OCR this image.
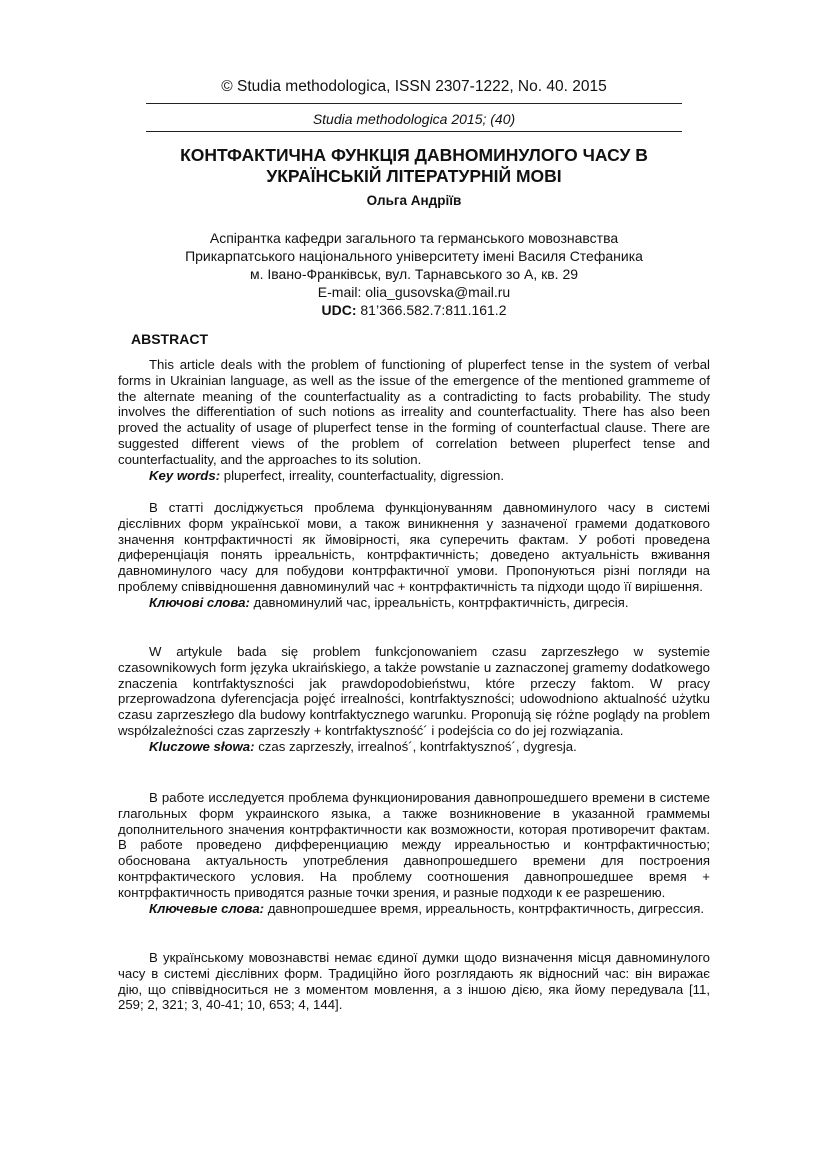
© Studia methodologica, ISSN 2307-1222, No. 40. 2015
Studia methodologica 2015; (40)
КОНТФАКТИЧНА ФУНКЦІЯ ДАВНОМИНУЛОГО ЧАСУ В
УКРАЇНСЬКІЙ ЛІТЕРАТУРНІЙ МОВІ
Ольга Андріїв
Аспірантка кафедри загального та германського мовознавства
Прикарпатського національного університету імені Василя Стефаника
м. Івано-Франківськ, вул. Тарнавського зо А, кв. 29
E-mail: olia_gusovska@mail.ru
UDC: 81’366.582.7:811.161.2
ABSTRACT

This article deals with the problem of functioning of pluperfect tense in the system of verbal forms in Ukrainian language, as well as the issue of the emergence of the mentioned grammeme of the alternate meaning of the counterfactuality as a contradicting to facts probability. The study involves the differentiation of such notions as irreality and counterfactuality. There has also been proved the actuality of usage of pluperfect tense in the forming of counterfactual clause. There are suggested different views of the problem of correlation between pluperfect tense and counterfactuality, and the approaches to its solution.

Key words: pluperfect, irreality, counterfactuality, digression.

В статті досліджується проблема функціонуванням давноминулого часу в системі дієслівних форм української мови, а також виникнення у зазначеної грамеми додаткового значення контрфактичності як ймовірності, яка суперечить фактам. У роботі проведена диференціація понять ірреальність, контрфактичність; доведено актуальність вживання давноминулого часу для побудови контрфактичної умови. Пропонуються різні погляди на проблему співвідношення давноминулий час + контрфактичність та підходи щодо її вирішення.

Ключові слова: давноминулий час, ірреальність, контрфактичність, дигресія.

W artykule bada się problem funkcjonowaniem czasu zaprzeszłego w systemie czasownikowych form języka ukraińskiego, a także powstanie u zaznaczonej gramemy dodatkowego znaczenia kontrfaktyszności jak prawdopodobieństwu, które przeczy faktom. W pracy przeprowadzona dyferencjacja pojęć irrealności, kontrfaktyszności; udowodniono aktualność użytku czasu zaprzeszłego dla budowy kontrfaktycznego warunku. Proponują się różne poglądy na problem współzależności czas zaprzeszły + kontrfaktyszność´ i podejścia co do jej rozwiązania.

Kluczowe słowa: czas zaprzeszły, irrealnoś´, kontrfaktysznoś´, dygresja.

В работе исследуется проблема функционирования давнопрошедшего времени в системе глагольных форм украинского языка, а также возникновение в указанной граммемы дополнительного значения контрфактичности как возможности, которая противоречит фактам. В работе проведено дифференциацию между ирреальностью и контрфактичностью; обоснована актуальность употребления давнопрошедшего времени для построения контрфактического условия. На проблему соотношения давнопрошедшее время + контрфактичность приводятся разные точки зрения, и разные подходи к ее разрешению.

Ключевые слова: давнопрошедшее время, ирреальность, контрфактичность, дигрессия.

В українському мовознавстві немає єдиної думки щодо визначення місця давноминулого часу в системі дієслівних форм. Традиційно його розглядають як відносний час: він виражає дію, що співвідноситься не з моментом мовлення, а з іншою дією, яка йому передувала [11, 259; 2, 321; 3, 40-41; 10, 653; 4, 144].
